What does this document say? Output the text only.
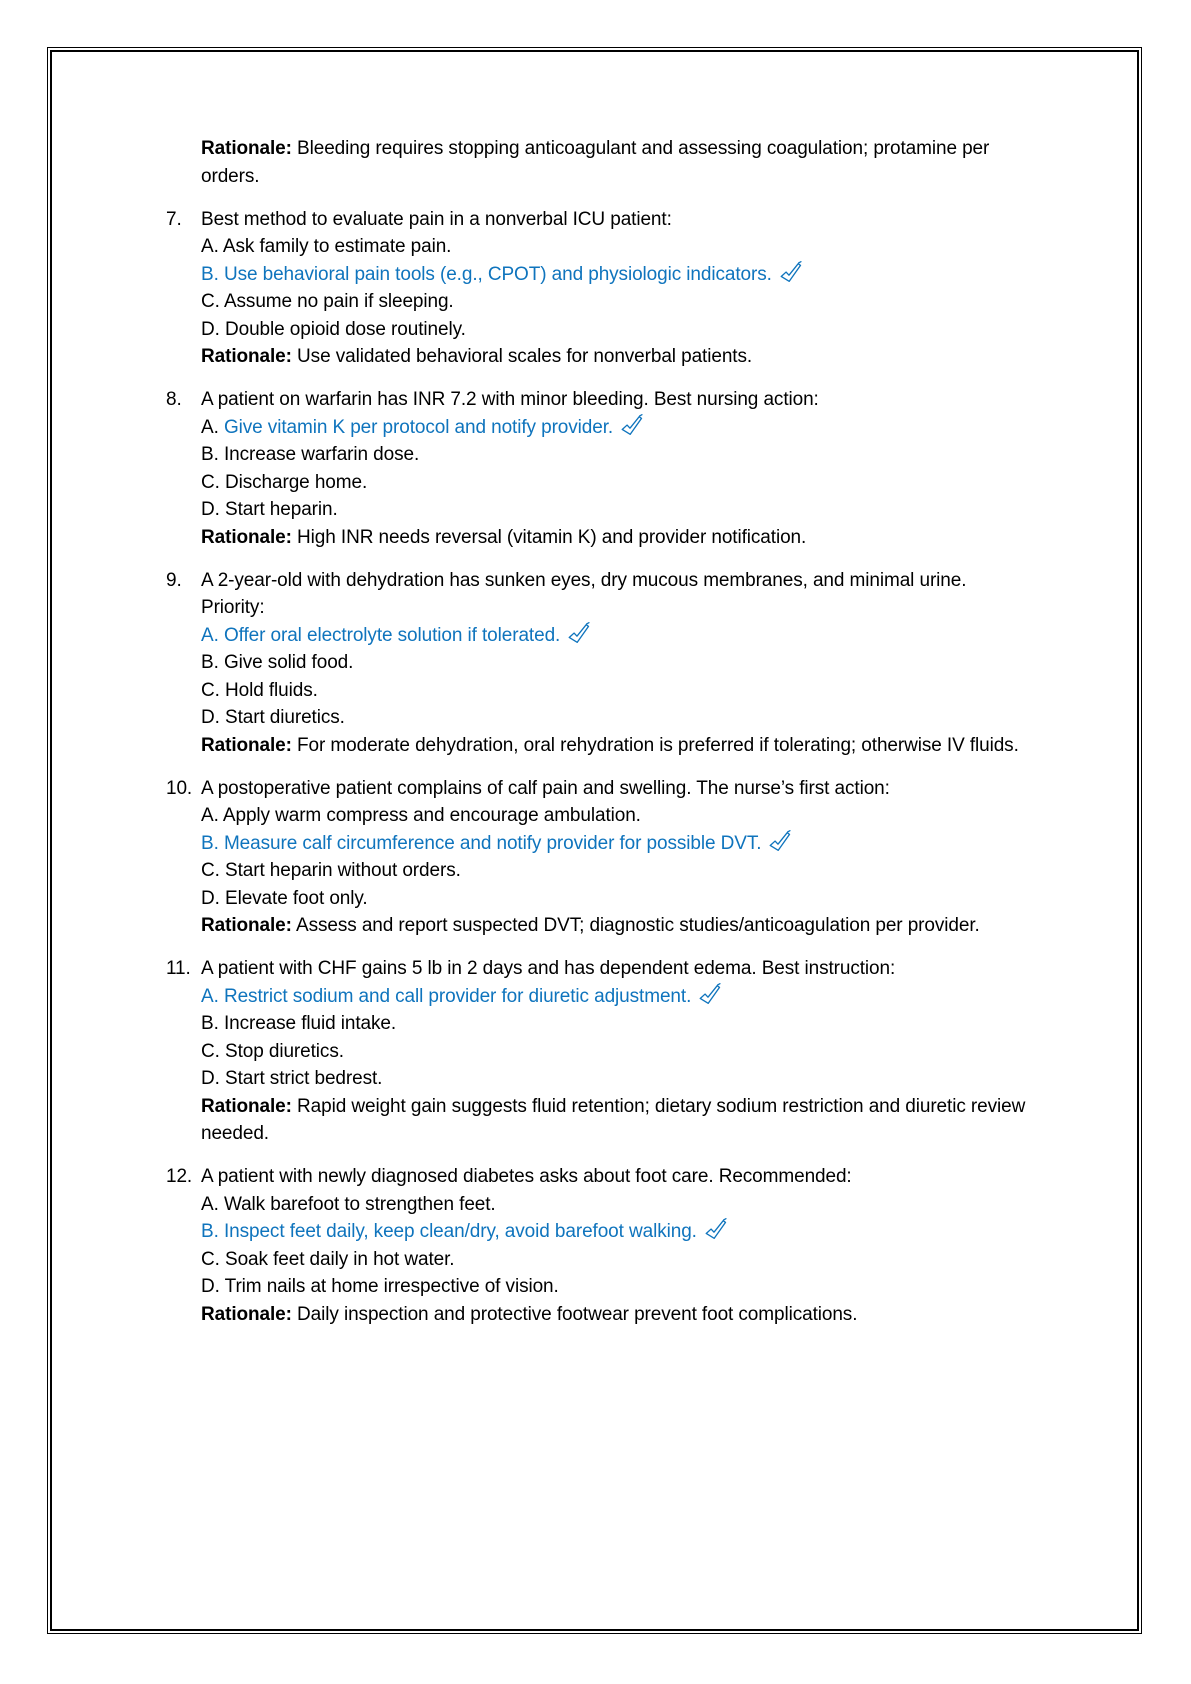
Rationale: Bleeding requires stopping anticoagulant and assessing coagulation; protamine per orders.

7.	Best method to evaluate pain in a nonverbal ICU patient:
A. Ask family to estimate pain.
B. Use behavioral pain tools (e.g., CPOT) and physiologic indicators.
C. Assume no pain if sleeping.
D. Double opioid dose routinely.
Rationale: Use validated behavioral scales for nonverbal patients.
8.	A patient on warfarin has INR 7.2 with minor bleeding. Best nursing action:
A. Give vitamin K per protocol and notify provider.
B. Increase warfarin dose.
C. Discharge home.
D. Start heparin.
Rationale: High INR needs reversal (vitamin K) and provider notification.
9.	A 2-year-old with dehydration has sunken eyes, dry mucous membranes, and minimal urine. Priority:
A. Offer oral electrolyte solution if tolerated.
B. Give solid food.
C. Hold fluids.
D. Start diuretics.
Rationale: For moderate dehydration, oral rehydration is preferred if tolerating; otherwise IV fluids.
10. A postoperative patient complains of calf pain and swelling. The nurse’s first action:
A. Apply warm compress and encourage ambulation.
B. Measure calf circumference and notify provider for possible DVT.
C. Start heparin without orders.
D. Elevate foot only.
Rationale: Assess and report suspected DVT; diagnostic studies/anticoagulation per provider.
11. A patient with CHF gains 5 lb in 2 days and has dependent edema. Best instruction:
A. Restrict sodium and call provider for diuretic adjustment.
B. Increase fluid intake.
C. Stop diuretics.
D. Start strict bedrest.
Rationale: Rapid weight gain suggests fluid retention; dietary sodium restriction and diuretic review needed.
12. A patient with newly diagnosed diabetes asks about foot care. Recommended:
A. Walk barefoot to strengthen feet.
B. Inspect feet daily, keep clean/dry, avoid barefoot walking.
C. Soak feet daily in hot water.
D. Trim nails at home irrespective of vision.
Rationale: Daily inspection and protective footwear prevent foot complications.
